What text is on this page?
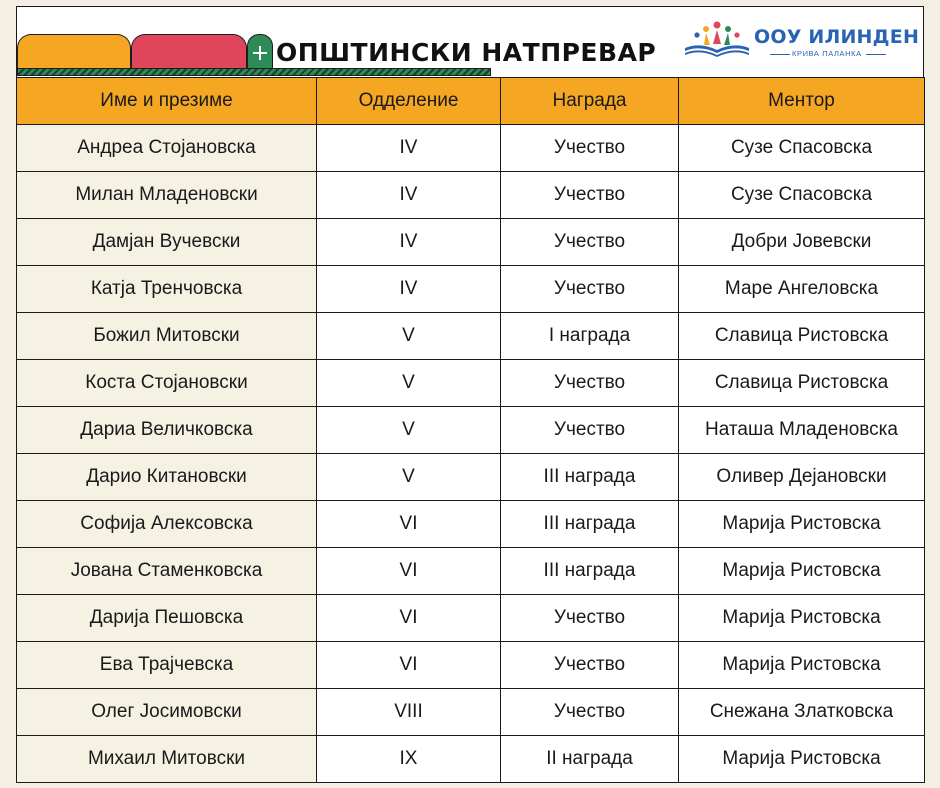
ОПШТИНСКИ НАТПРЕВАР
ООУ ИЛИНДЕН
КРИВА ПАЛАНКА
Име и презиме	Одделение	Награда	Ментор
Андреа Стојановска	IV	Учество	Сузе Спасовска
Милан Младеновски	IV	Учество	Сузе Спасовска
Дамјан Вучевски	IV	Учество	Добри Јовевски
Катја Тренчовска	IV	Учество	Маре Ангеловска
Божил Митовски	V	I награда	Славица Ристовска
Коста Стојановски	V	Учество	Славица Ристовска
Дариа Величковска	V	Учество	Наташа Младеновска
Дарио Китановски	V	III награда	Оливер Дејановски
Софија Алексовска	VI	III награда	Марија Ристовска
Јована Стаменковска	VI	III награда	Марија Ристовска
Дарија Пешовска	VI	Учество	Марија Ристовска
Ева Трајчевска	VI	Учество	Марија Ристовска
Олег Јосимовски	VIII	Учество	Снежана Златковска
Михаил Митовски	IX	II награда	Марија Ристовска
